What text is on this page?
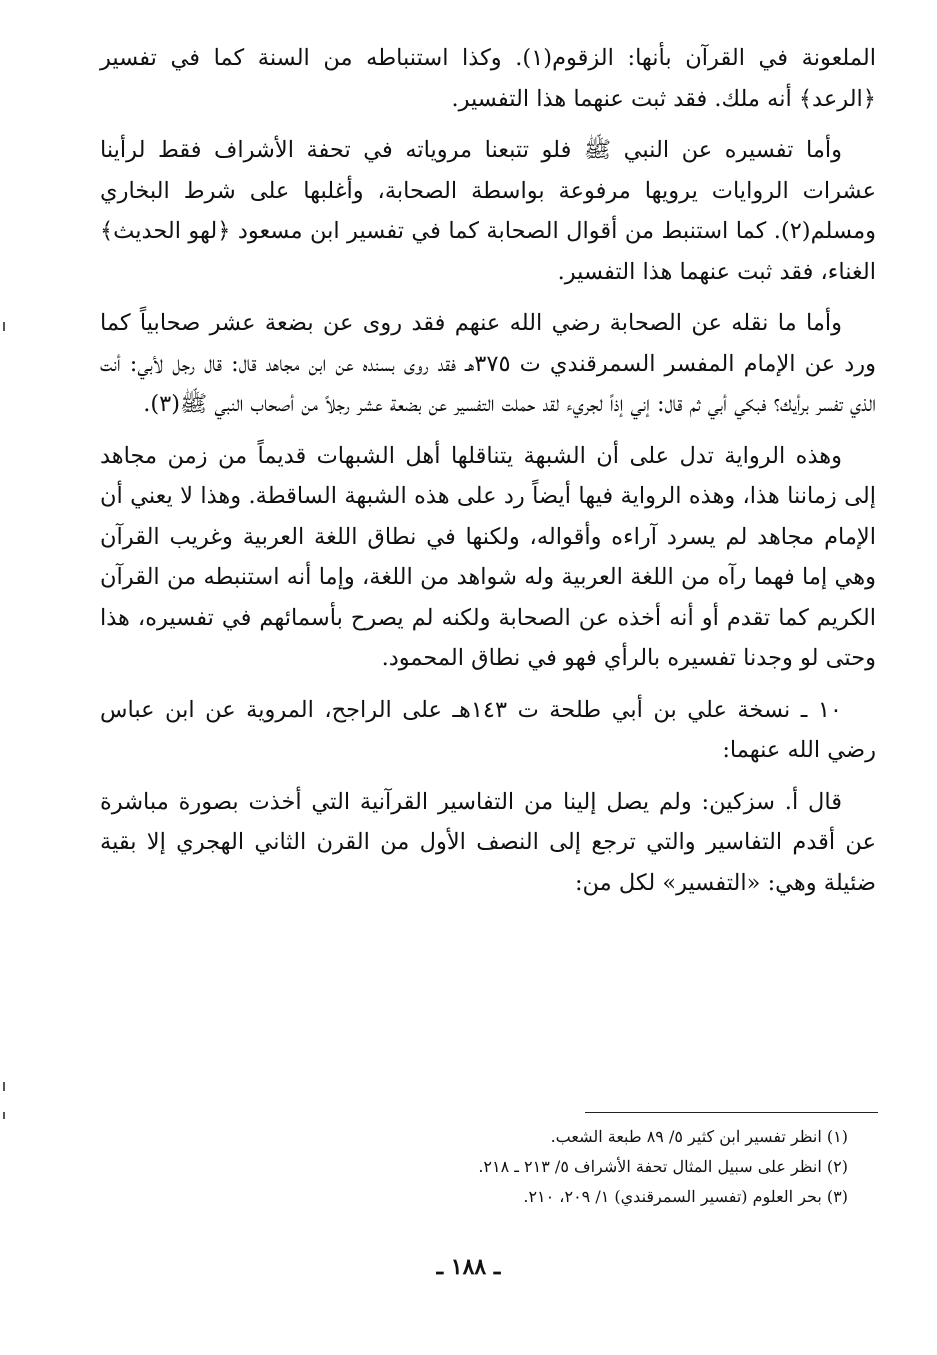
الملعونة في القرآن بأنها: الزقوم(١). وكذا استنباطه من السنة كما في تفسير ﴿الرعد﴾ أنه ملك. فقد ثبت عنهما هذا التفسير.

وأما تفسيره عن النبي ﷺ فلو تتبعنا مروياته في تحفة الأشراف فقط لرأينا عشرات الروايات يرويها مرفوعة بواسطة الصحابة، وأغلبها على شرط البخاري ومسلم(٢). كما استنبط من أقوال الصحابة كما في تفسير ابن مسعود ﴿لهو الحديث﴾ الغناء، فقد ثبت عنهما هذا التفسير.

وأما ما نقله عن الصحابة رضي الله عنهم فقد روى عن بضعة عشر صحابياً كما ورد عن الإمام المفسر السمرقندي ت ٣٧٥هـ فقد روى بسنده عن ابن مجاهد قال: قال رجل لأبي: أنت الذي تفسر برأيك؟ فبكي أبي ثم قال: إني إذاً لجريء لقد حملت التفسير عن بضعة عشر رجلاً من أصحاب النبي ﷺ(٣).

وهذه الرواية تدل على أن الشبهة يتناقلها أهل الشبهات قديماً من زمن مجاهد إلى زماننا هذا، وهذه الرواية فيها أيضاً رد على هذه الشبهة الساقطة. وهذا لا يعني أن الإمام مجاهد لم يسرد آراءه وأقواله، ولكنها في نطاق اللغة العربية وغريب القرآن وهي إما فهما رآه من اللغة العربية وله شواهد من اللغة، وإما أنه استنبطه من القرآن الكريم كما تقدم أو أنه أخذه عن الصحابة ولكنه لم يصرح بأسمائهم في تفسيره، هذا وحتى لو وجدنا تفسيره بالرأي فهو في نطاق المحمود.

١٠ ـ نسخة علي بن أبي طلحة ت ١٤٣هـ على الراجح، المروية عن ابن عباس رضي الله عنهما:

قال أ. سزكين: ولم يصل إلينا من التفاسير القرآنية التي أخذت بصورة مباشرة عن أقدم التفاسير والتي ترجع إلى النصف الأول من القرن الثاني الهجري إلا بقية ضئيلة وهي: «التفسير» لكل من:

(١) انظر تفسير ابن كثير ٥/ ٨٩ طبعة الشعب.
(٢) انظر على سبيل المثال تحفة الأشراف ٥/ ٢١٣ ـ ٢١٨.
(٣) بحر العلوم (تفسير السمرقندي) ١/ ٢٠٩، ٢١٠.
ـ ١٨٨ ـ
